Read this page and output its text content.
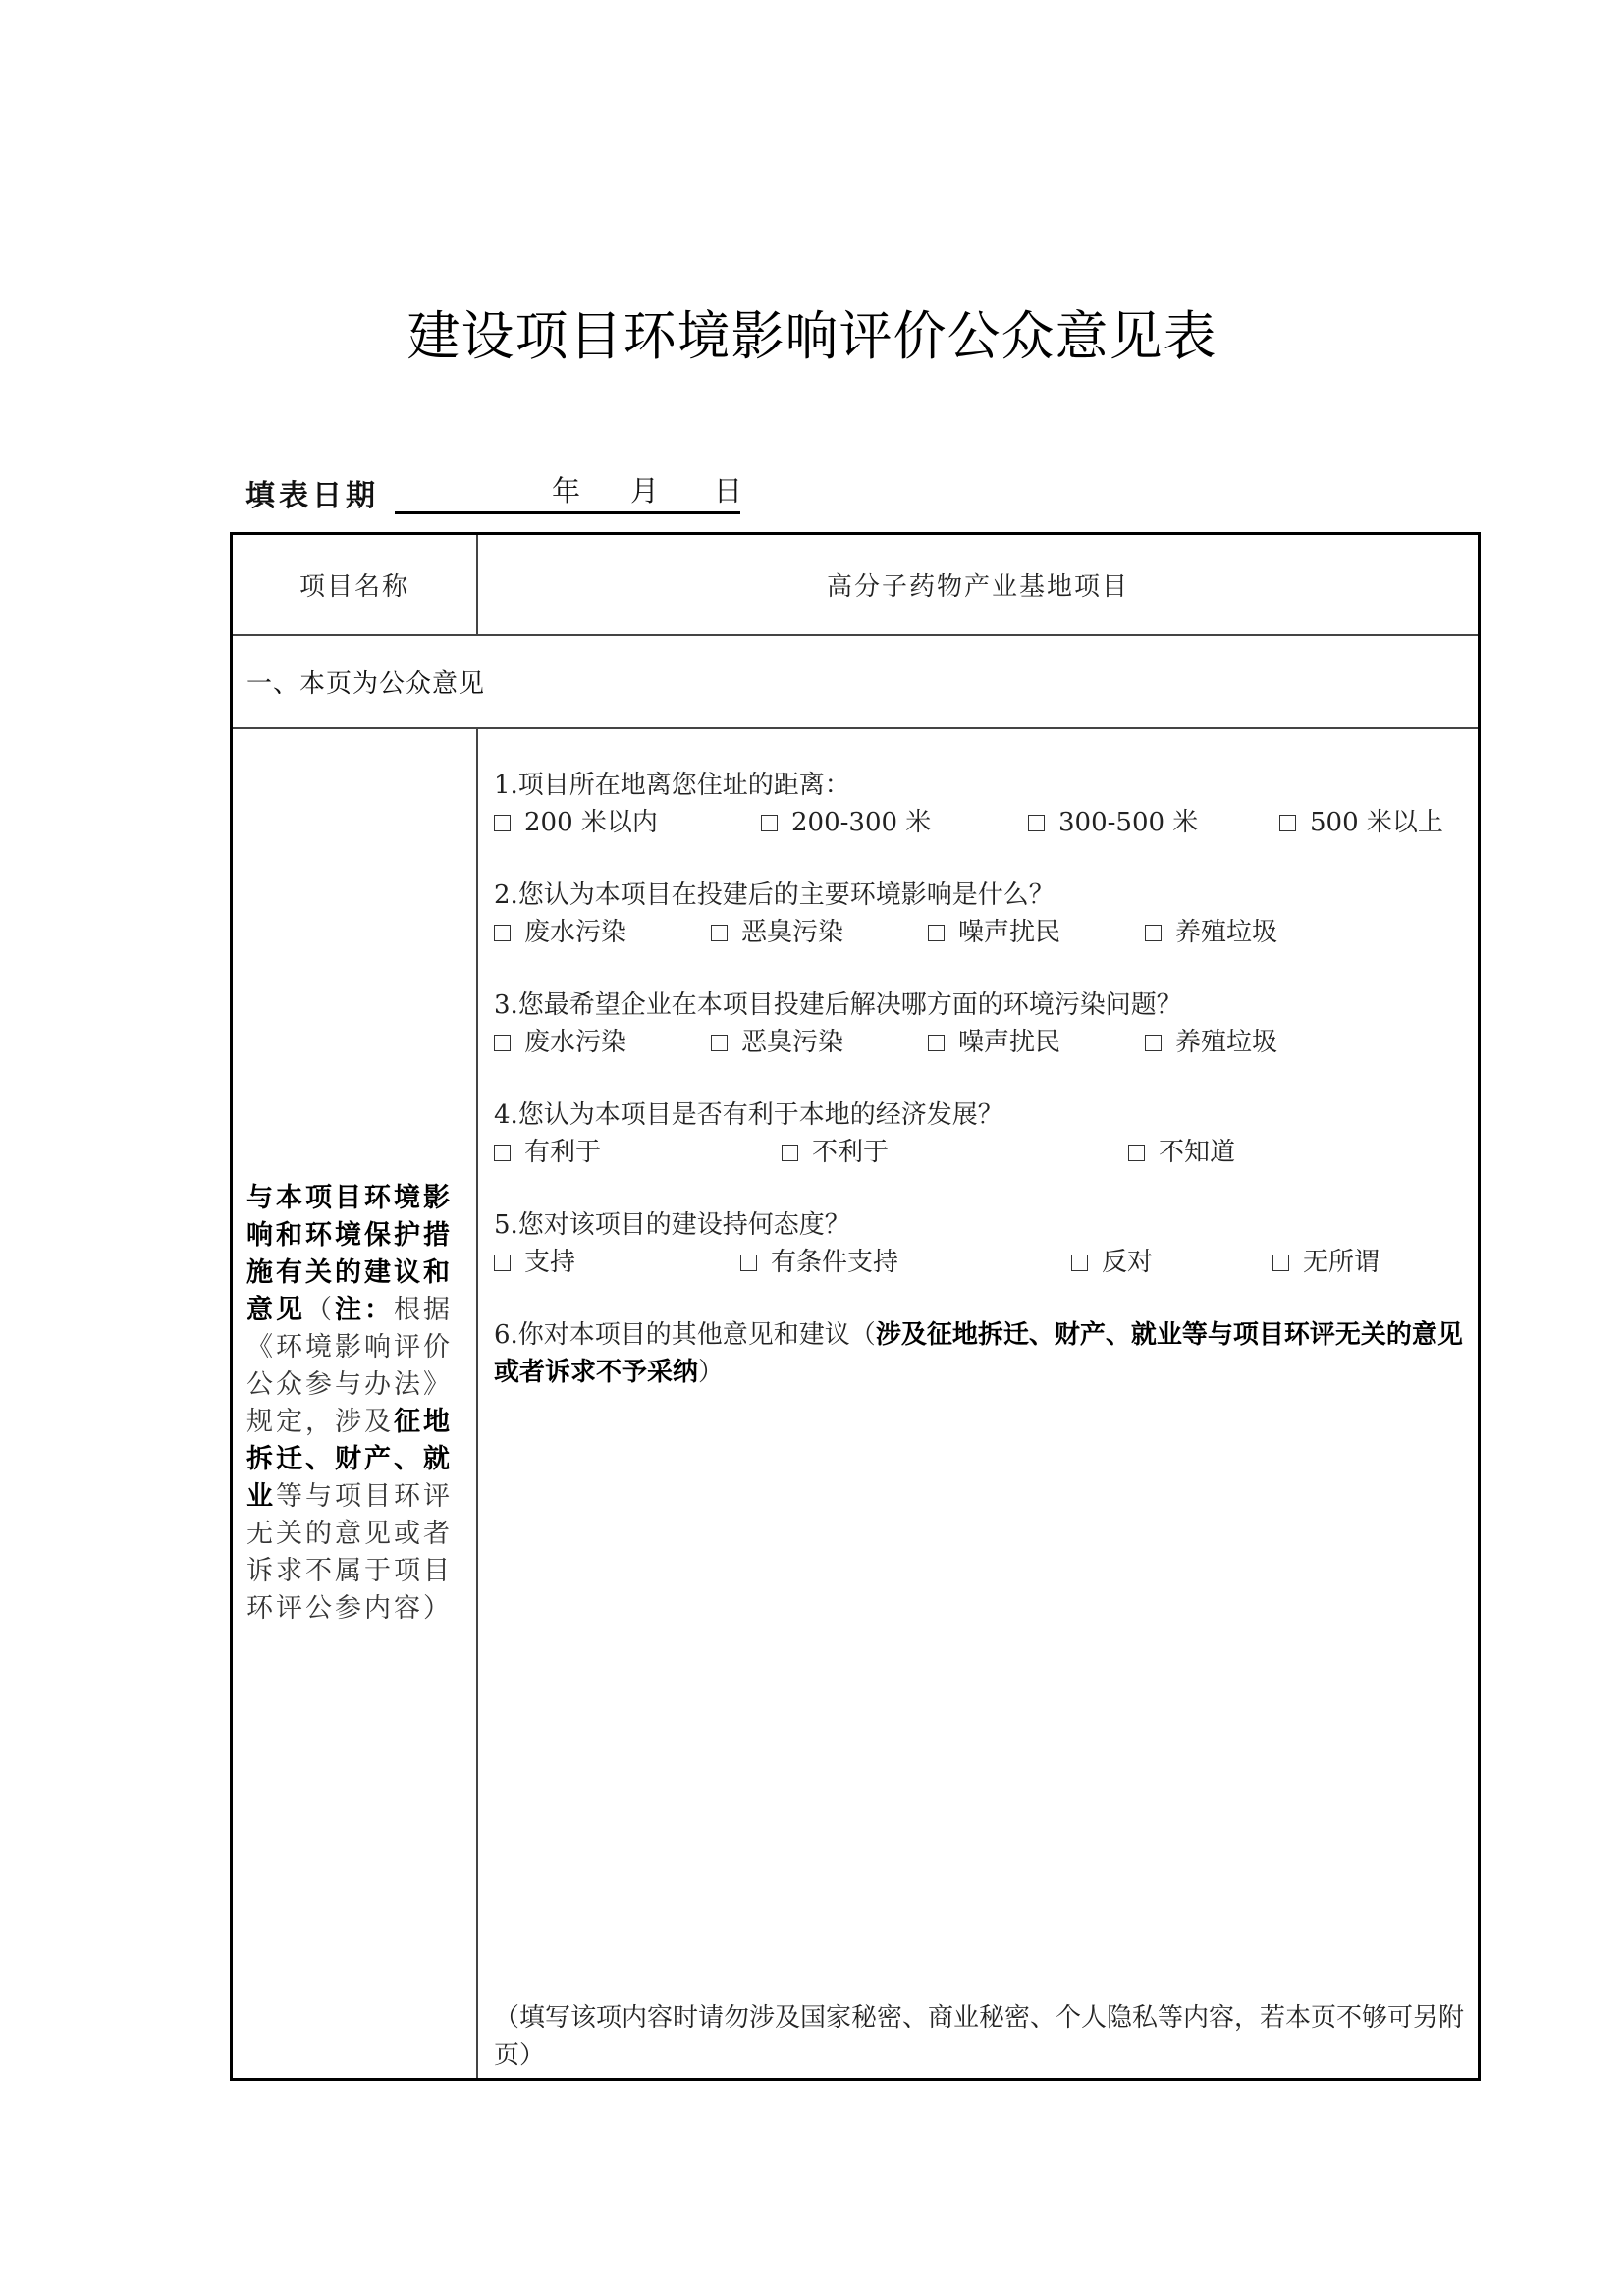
建设项目环境影响评价公众意见表
填表日期	年 月 日
项目名称	高分子药物产业基地项目
一、本页为公众意见

与本项目环境影响和环境保护措施有关的建议和意见（注：根据《环境影响评价公众参与办法》规定，涉及征地拆迁、财产、就业等与项目环评无关的意见或者诉求不属于项目环评公参内容）

1.项目所在地离您住址的距离：
200 米以内	200-300 米	300-500 米	500 米以上
2.您认为本项目在投建后的主要环境影响是什么？
废水污染	恶臭污染	噪声扰民	养殖垃圾
3.您最希望企业在本项目投建后解决哪方面的环境污染问题？
废水污染	恶臭污染	噪声扰民	养殖垃圾
4.您认为本项目是否有利于本地的经济发展？
有利于	不利于	不知道
5.您对该项目的建设持何态度？
支持	有条件支持	反对	无所谓
6.你对本项目的其他意见和建议（涉及征地拆迁、财产、就业等与项目环评无关的意见或者诉求不予采纳）
（填写该项内容时请勿涉及国家秘密、商业秘密、个人隐私等内容，若本页不够可另附页）
